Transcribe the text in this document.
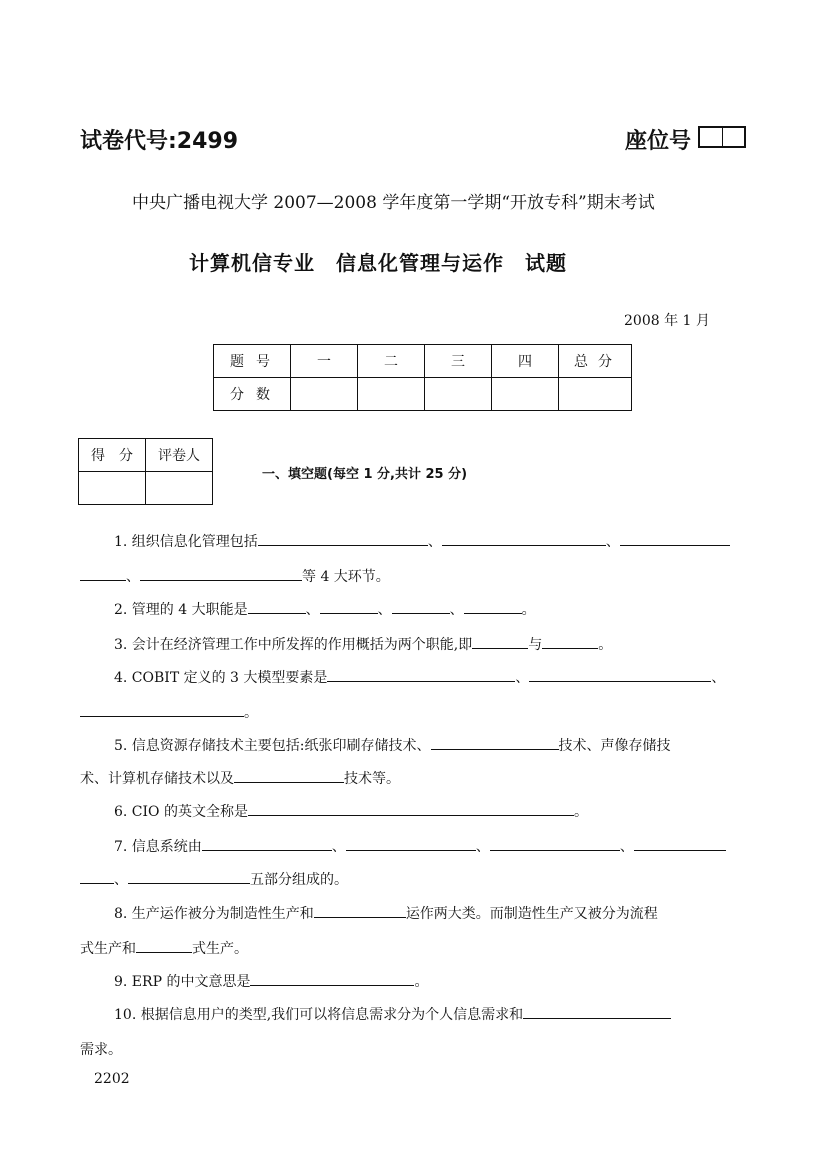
试卷代号:2499	座位号
中央广播电视大学 2007—2008 学年度第一学期“开放专科”期末考试
计算机信专业　信息化管理与运作　试题
2008 年 1 月
题号	一	二	三	四	总分
分数					
得　分	评卷人

一、填空题(每空 1 分,共计 25 分)
1. 组织信息化管理包括	、	、
、	等 4 大环节。
2. 管理的 4 大职能是	、	、	、	。
3. 会计在经济管理工作中所发挥的作用概括为两个职能,即	与	。
4. COBIT 定义的 3 大模型要素是	、	、
。
5. 信息资源存储技术主要包括:纸张印刷存储技术、	技术、声像存储技
术、计算机存储技术以及	技术等。
6. CIO 的英文全称是	。
7. 信息系统由	、	、	、
、	五部分组成的。
8. 生产运作被分为制造性生产和	运作两大类。而制造性生产又被分为流程
式生产和	式生产。
9. ERP 的中文意思是	。
10. 根据信息用户的类型,我们可以将信息需求分为个人信息需求和
需求。
2202
